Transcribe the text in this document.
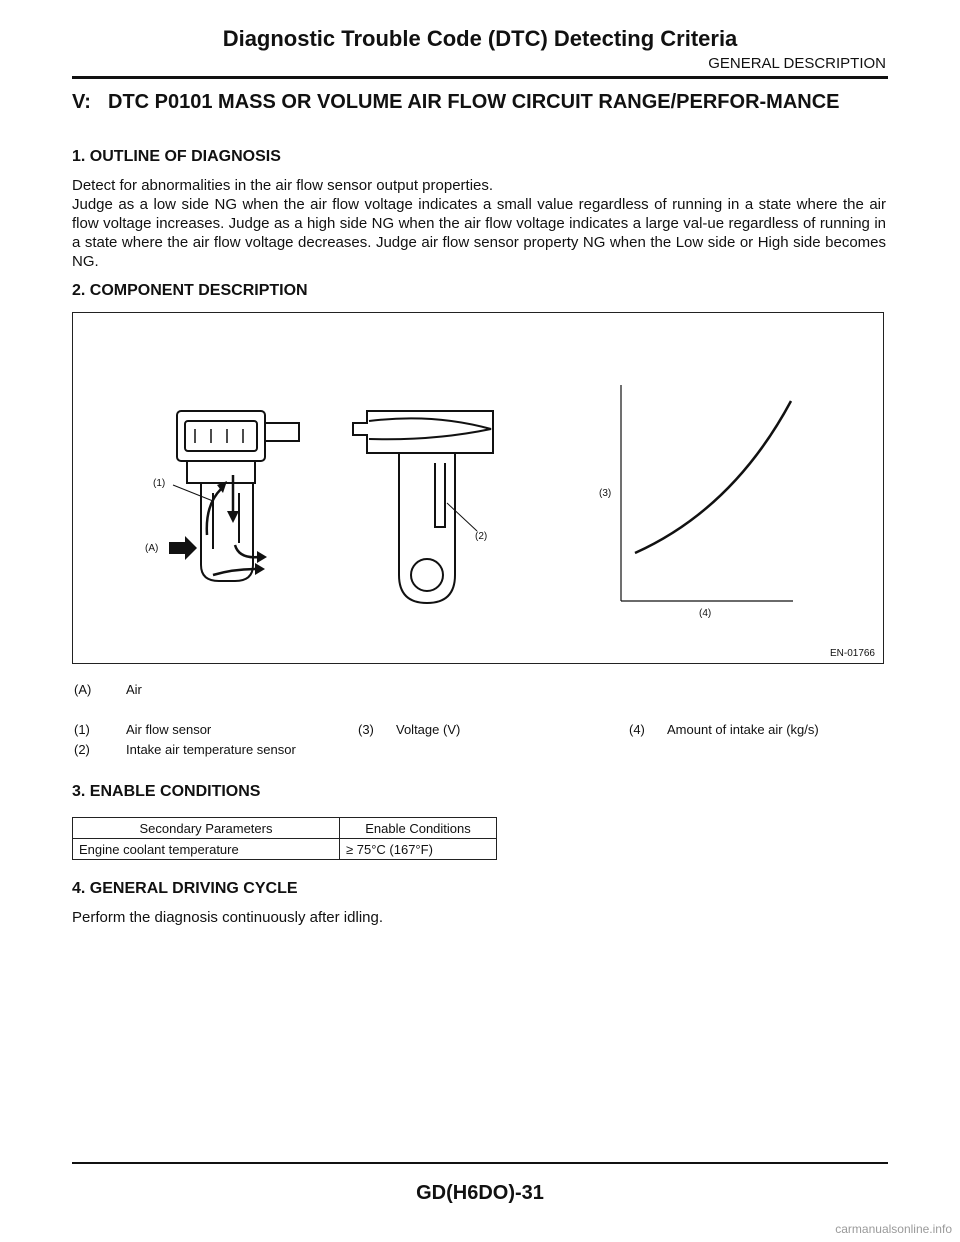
Diagnostic Trouble Code (DTC) Detecting Criteria
GENERAL DESCRIPTION
V: DTC P0101 MASS OR VOLUME AIR FLOW CIRCUIT RANGE/PERFOR-MANCE
1. OUTLINE OF DIAGNOSIS
Detect for abnormalities in the air flow sensor output properties.
Judge as a low side NG when the air flow voltage indicates a small value regardless of running in a state where the air flow voltage increases. Judge as a high side NG when the air flow voltage indicates a large val-ue regardless of running in a state where the air flow voltage decreases. Judge air flow sensor property NG when the Low side or High side becomes NG.
2. COMPONENT DESCRIPTION
(1)
(A)
(2)
(3)
(4)
EN-01766
(A)	Air
(1)	Air flow sensor	(3) Voltage (V)	(4) Amount of intake air (kg/s)
(2)	Intake air temperature sensor
3. ENABLE CONDITIONS
Secondary Parameters	Enable Conditions
Engine coolant temperature	≥ 75°C (167°F)
4. GENERAL DRIVING CYCLE
Perform the diagnosis continuously after idling.
GD(H6DO)-31
carmanualsonline.info
